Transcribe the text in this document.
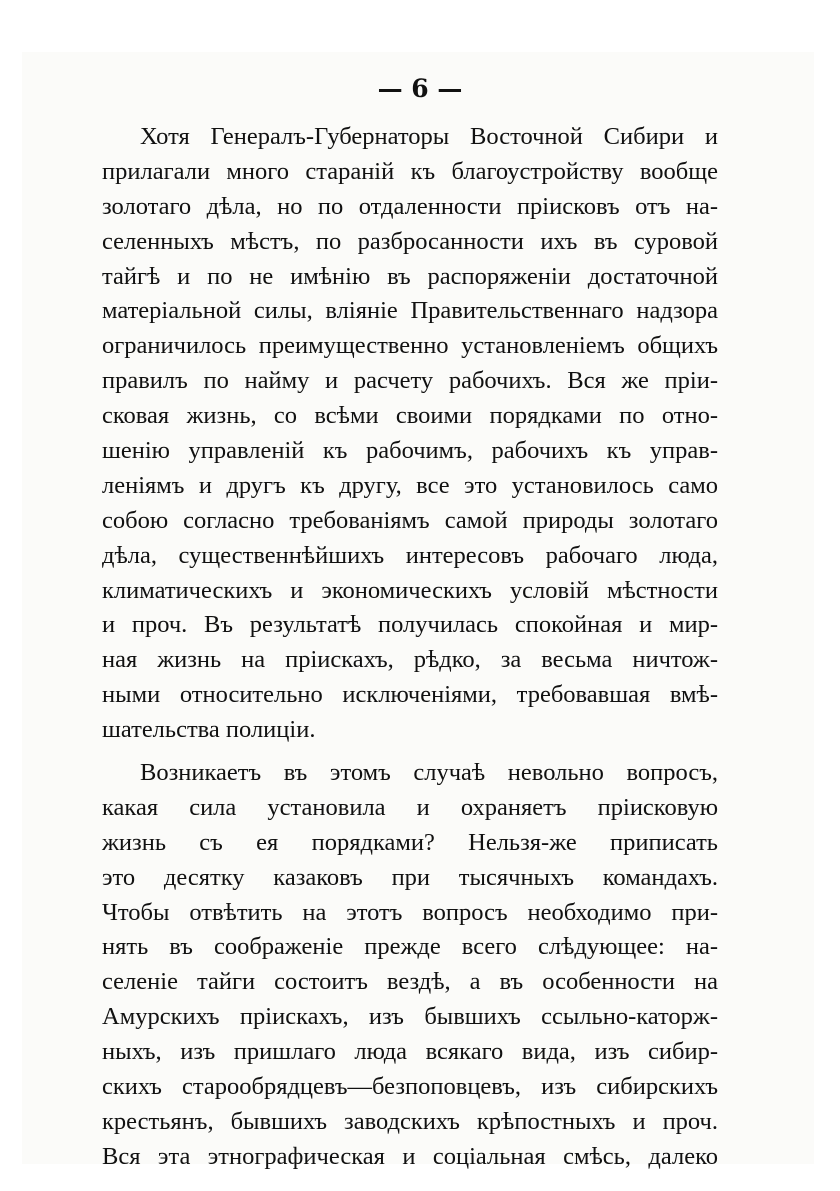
— 6 —
Хотя Генералъ-Губернаторы Восточной Сибири и
прилагали много стараній къ благоустройству вообще
золотаго дѣла, но по отдаленности пріисковъ отъ на-
селенныхъ мѣстъ, по разбросанности ихъ въ суровой
тайгѣ и по не имѣнію въ распоряженіи достаточной
матеріальной силы, вліяніе Правительственнаго надзора
ограничилось преимущественно установленіемъ общихъ
правилъ по найму и расчету рабочихъ. Вся же пріи-
сковая жизнь, со всѣми своими порядками по отно-
шенію управленій къ рабочимъ, рабочихъ къ управ-
леніямъ и другъ къ другу, все это установилось само
собою согласно требованіямъ самой природы золотаго
дѣла, существеннѣйшихъ интересовъ рабочаго люда,
климатическихъ и экономическихъ условій мѣстности
и проч. Въ результатѣ получилась спокойная и мир-
ная жизнь на пріискахъ, рѣдко, за весьма ничтож-
ными относительно исключеніями, требовавшая вмѣ-
шательства полиціи.
Возникаетъ въ этомъ случаѣ невольно вопросъ,
какая сила установила и охраняетъ пріисковую
жизнь съ ея порядками? Нельзя-же приписать
это десятку казаковъ при тысячныхъ командахъ.
Чтобы отвѣтить на этотъ вопросъ необходимо при-
нять въ соображеніе прежде всего слѣдующее: на-
селеніе тайги состоитъ вездѣ, а въ особенности на
Амурскихъ пріискахъ, изъ бывшихъ ссыльно-каторж-
ныхъ, изъ пришлаго люда всякаго вида, изъ сибир-
скихъ старообрядцевъ—безпоповцевъ, изъ сибирскихъ
крестьянъ, бывшихъ заводскихъ крѣпостныхъ и проч.
Вся эта этнографическая и соціальная смѣсь, далеко
